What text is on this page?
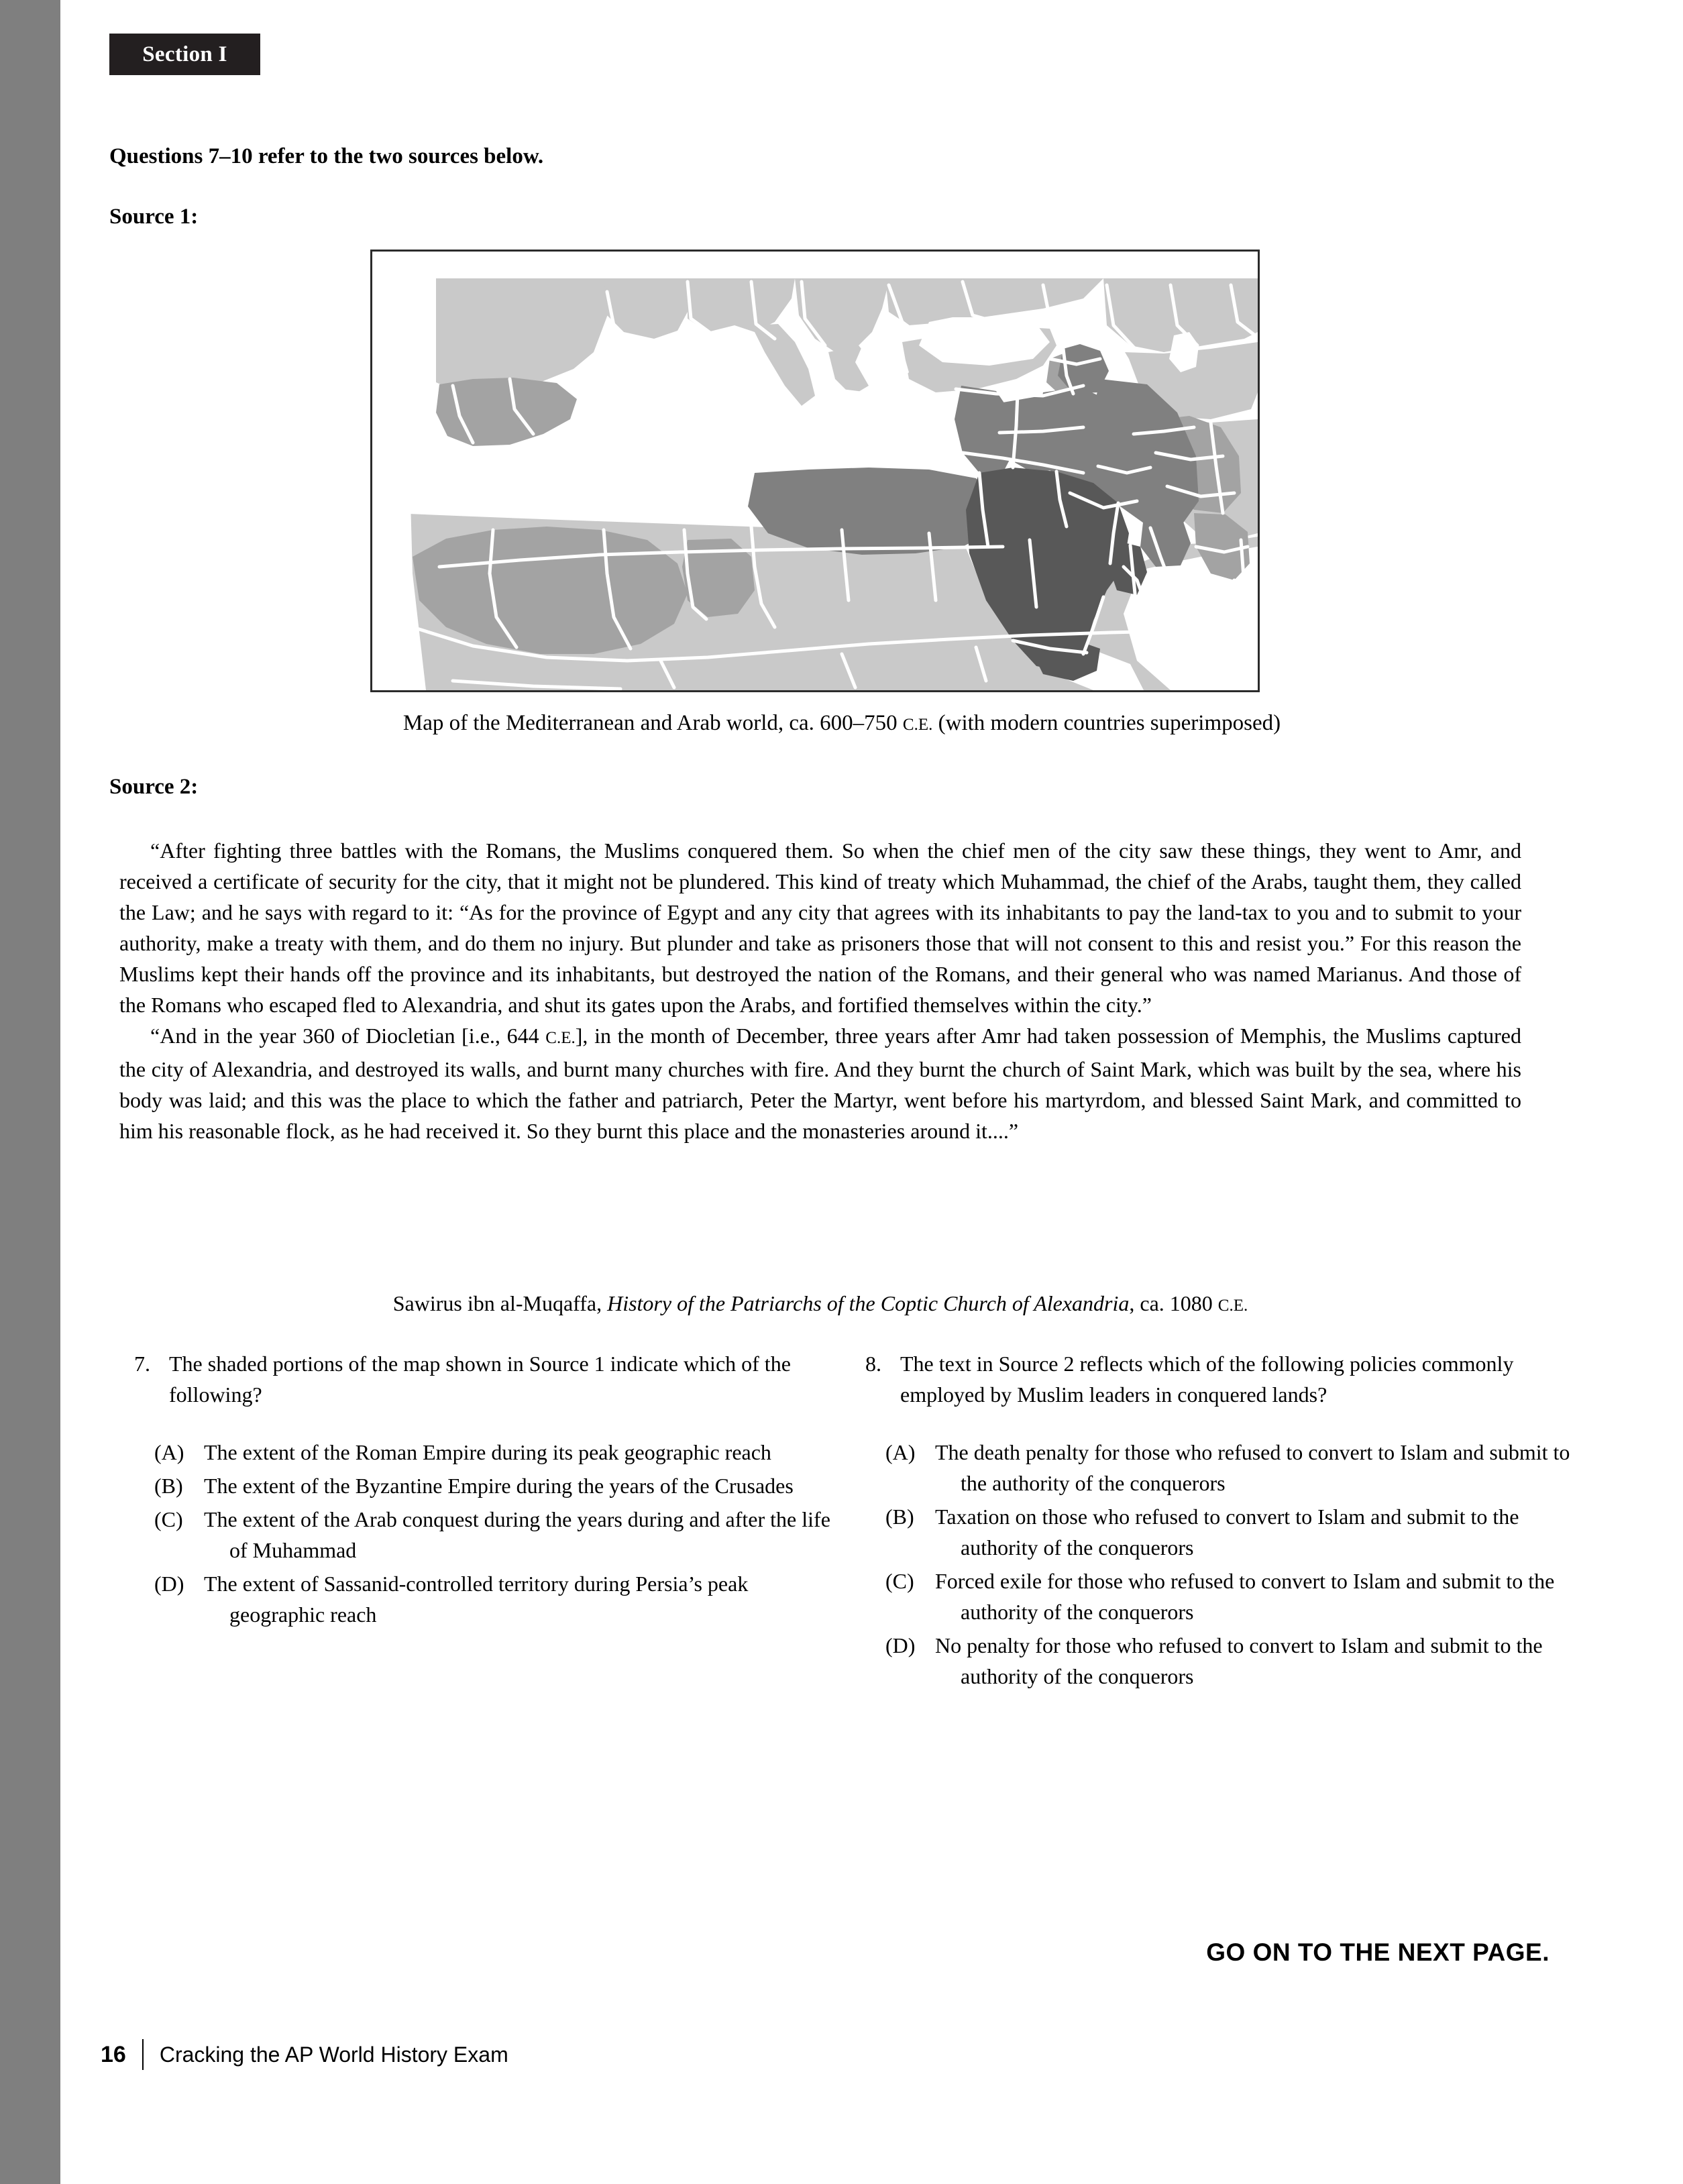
Section I
Questions 7–10 refer to the two sources below.
Source 1:
Map of the Mediterranean and Arab world, ca. 600–750 C.E. (with modern countries superimposed)
Source 2:

“After fighting three battles with the Romans, the Muslims conquered them. So when the chief men of the city saw these things, they went to Amr, and received a certificate of security for the city, that it might not be plundered. This kind of treaty which Muhammad, the chief of the Arabs, taught them, they called the Law; and he says with regard to it: “As for the province of Egypt and any city that agrees with its inhabitants to pay the land-tax to you and to submit to your authority, make a treaty with them, and do them no injury. But plunder and take as prisoners those that will not consent to this and resist you.” For this reason the Muslims kept their hands off the province and its inhabitants, but destroyed the nation of the Romans, and their general who was named Marianus. And those of the Romans who escaped fled to Alexandria, and shut its gates upon the Arabs, and fortified themselves within the city.”

“And in the year 360 of Diocletian [i.e., 644 C.E.], in the month of December, three years after Amr had taken possession of Memphis, the Muslims captured the city of Alexandria, and destroyed its walls, and burnt many churches with fire. And they burnt the church of Saint Mark, which was built by the sea, where his body was laid; and this was the place to which the father and patriarch, Peter the Martyr, went before his martyrdom, and blessed Saint Mark, and committed to him his reasonable flock, as he had received it. So they burnt this place and the monasteries around it....”

Sawirus ibn al-Muqaffa, History of the Patriarchs of the Coptic Church of Alexandria, ca. 1080 C.E.
7. The shaded portions of the map shown in Source 1 indicate which of the following?
(A) The extent of the Roman Empire during its peak geographic reach
(B) The extent of the Byzantine Empire during the years of the Crusades
(C) The extent of the Arab conquest during the years during and after the life of Muhammad
(D) The extent of Sassanid-controlled territory during Persia’s peak geographic reach
8. The text in Source 2 reflects which of the following policies commonly employed by Muslim leaders in conquered lands?
(A) The death penalty for those who refused to convert to Islam and submit to the authority of the conquerors
(B) Taxation on those who refused to convert to Islam and submit to the authority of the conquerors
(C) Forced exile for those who refused to convert to Islam and submit to the authority of the conquerors
(D) No penalty for those who refused to convert to Islam and submit to the authority of the conquerors
GO ON TO THE NEXT PAGE.
16 Cracking the AP World History Exam
